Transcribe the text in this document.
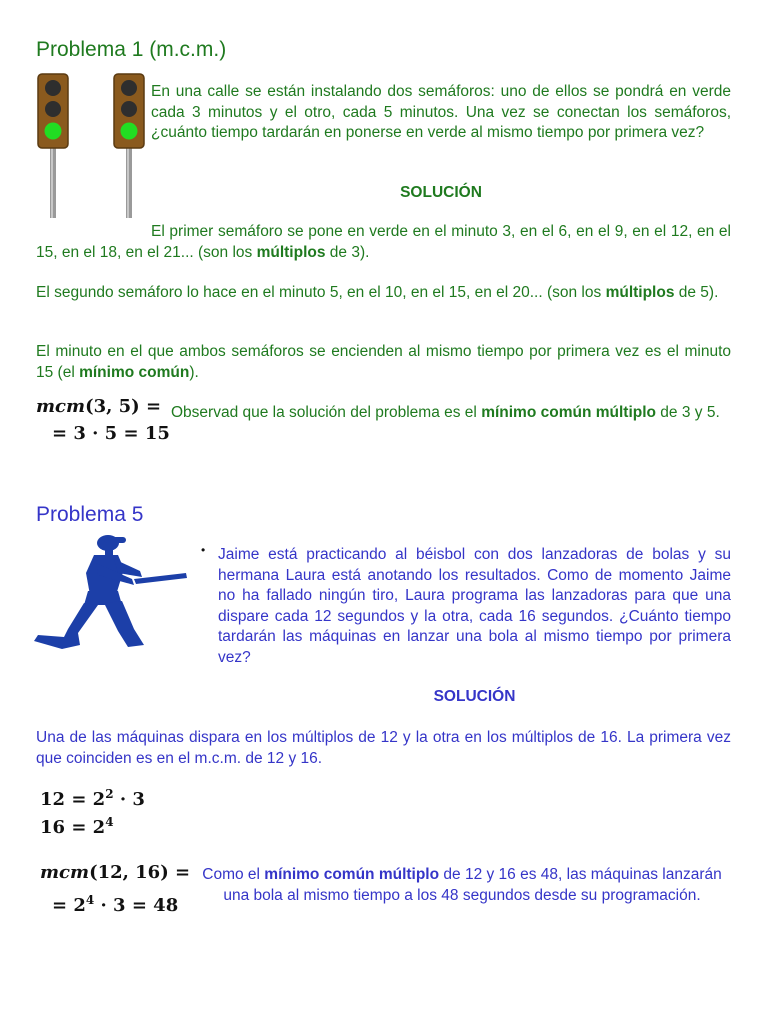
Problema 1 (m.c.m.)
En una calle se están instalando dos semáforos: uno de ellos se pondrá en verde cada 3 minutos y el otro, cada 5 minutos. Una vez se conectan los semáforos, ¿cuánto tiempo tardarán en ponerse en verde al mismo tiempo por primera vez?
SOLUCIÓN
El primer semáforo se pone en verde en el minuto 3, en el 6, en el 9, en el 12, en el 15, en el 18, en el 21... (son los múltiplos de 3).
El segundo semáforo lo hace en el minuto 5, en el 10, en el 15, en el 20... (son los múltiplos de 5).
El minuto en el que ambos semáforos se encienden al mismo tiempo por primera vez es el minuto 15 (el mínimo común).
mcm(3, 5) =
= 3 · 5 = 15
Observad que la solución del problema es el mínimo común múltiplo de 3 y 5.
Problema 5
• Jaime está practicando al béisbol con dos lanzadoras de bolas y su hermana Laura está anotando los resultados. Como de momento Jaime no ha fallado ningún tiro, Laura programa las lanzadoras para que una dispare cada 12 segundos y la otra, cada 16 segundos. ¿Cuánto tiempo tardarán las máquinas en lanzar una bola al mismo tiempo por primera vez?
SOLUCIÓN
Una de las máquinas dispara en los múltiplos de 12 y la otra en los múltiplos de 16. La primera vez que coinciden es en el m.c.m. de 12 y 16.
$12 = 2^2 \cdot 3$
$16 = 2^4$
mcm(12, 16) =
= $2^4 \cdot 3 = 48$
Como el mínimo común múltiplo de 12 y 16 es 48, las máquinas lanzarán una bola al mismo tiempo a los 48 segundos desde su programación.
